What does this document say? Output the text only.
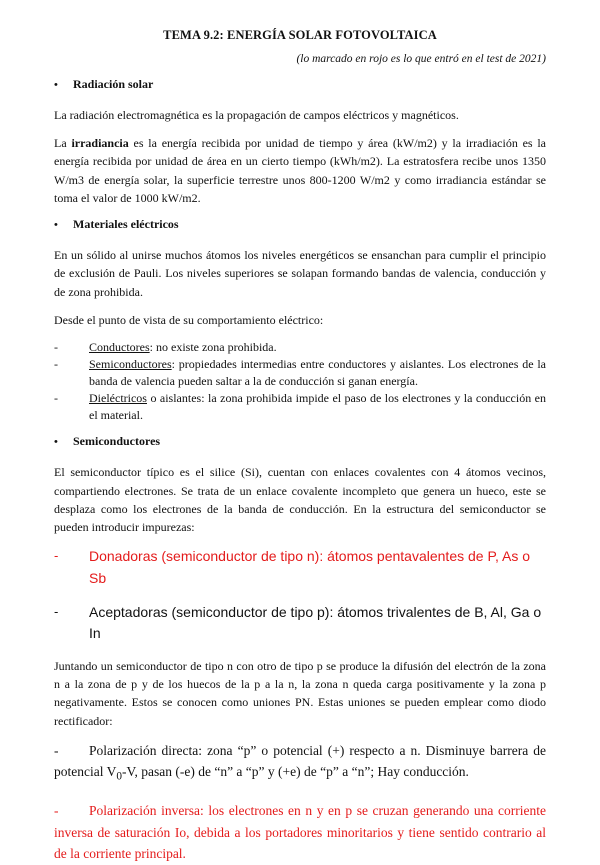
TEMA 9.2: ENERGÍA SOLAR FOTOVOLTAICA
(lo marcado en rojo es lo que entró en el test de 2021)
•	Radiación solar

La radiación electromagnética es la propagación de campos eléctricos y magnéticos.

La irradiancia es la energía recibida por unidad de tiempo y área (kW/m2) y la irradiación es la energía recibida por unidad de área en un cierto tiempo (kWh/m2). La estratosfera recibe unos 1350 W/m3 de energía solar, la superficie terrestre unos 800-1200 W/m2 y como irradiancia estándar se toma el valor de 1000 kW/m2.

•	Materiales eléctricos

En un sólido al unirse muchos átomos los niveles energéticos se ensanchan para cumplir el principio de exclusión de Pauli. Los niveles superiores se solapan formando bandas de valencia, conducción y de zona prohibida.

Desde el punto de vista de su comportamiento eléctrico:

-	Conductores: no existe zona prohibida.
-	Semiconductores: propiedades intermedias entre conductores y aislantes. Los electrones de la banda de valencia pueden saltar a la de conducción si ganan energía.
-	Dieléctricos o aislantes: la zona prohibida impide el paso de los electrones y la conducción en el material.
•	Semiconductores

El semiconductor típico es el silice (Si), cuentan con enlaces covalentes con 4 átomos vecinos, compartiendo electrones. Se trata de un enlace covalente incompleto que genera un hueco, este se desplaza como los electrones de la banda de conducción. En la estructura del semiconductor se pueden introducir impurezas:

-	Donadoras (semiconductor de tipo n): átomos pentavalentes de P, As o Sb
-	Aceptadoras (semiconductor de tipo p): átomos trivalentes de B, Al, Ga o In

Juntando un semiconductor de tipo n con otro de tipo p se produce la difusión del electrón de la zona n a la zona de p y de los huecos de la p a la n, la zona n queda carga positivamente y la zona p negativamente. Estos se conocen como uniones PN. Estas uniones se pueden emplear como diodo rectificador:

- Polarización directa: zona “p” o potencial (+) respecto a n. Disminuye barrera de potencial $V_0-V$, pasan (-e) de “n” a “p” y (+e) de “p” a “n”; Hay conducción.

- Polarización inversa: los electrones en n y en p se cruzan generando una corriente inversa de saturación Io, debida a los portadores minoritarios y tiene sentido contrario al de la corriente principal.
